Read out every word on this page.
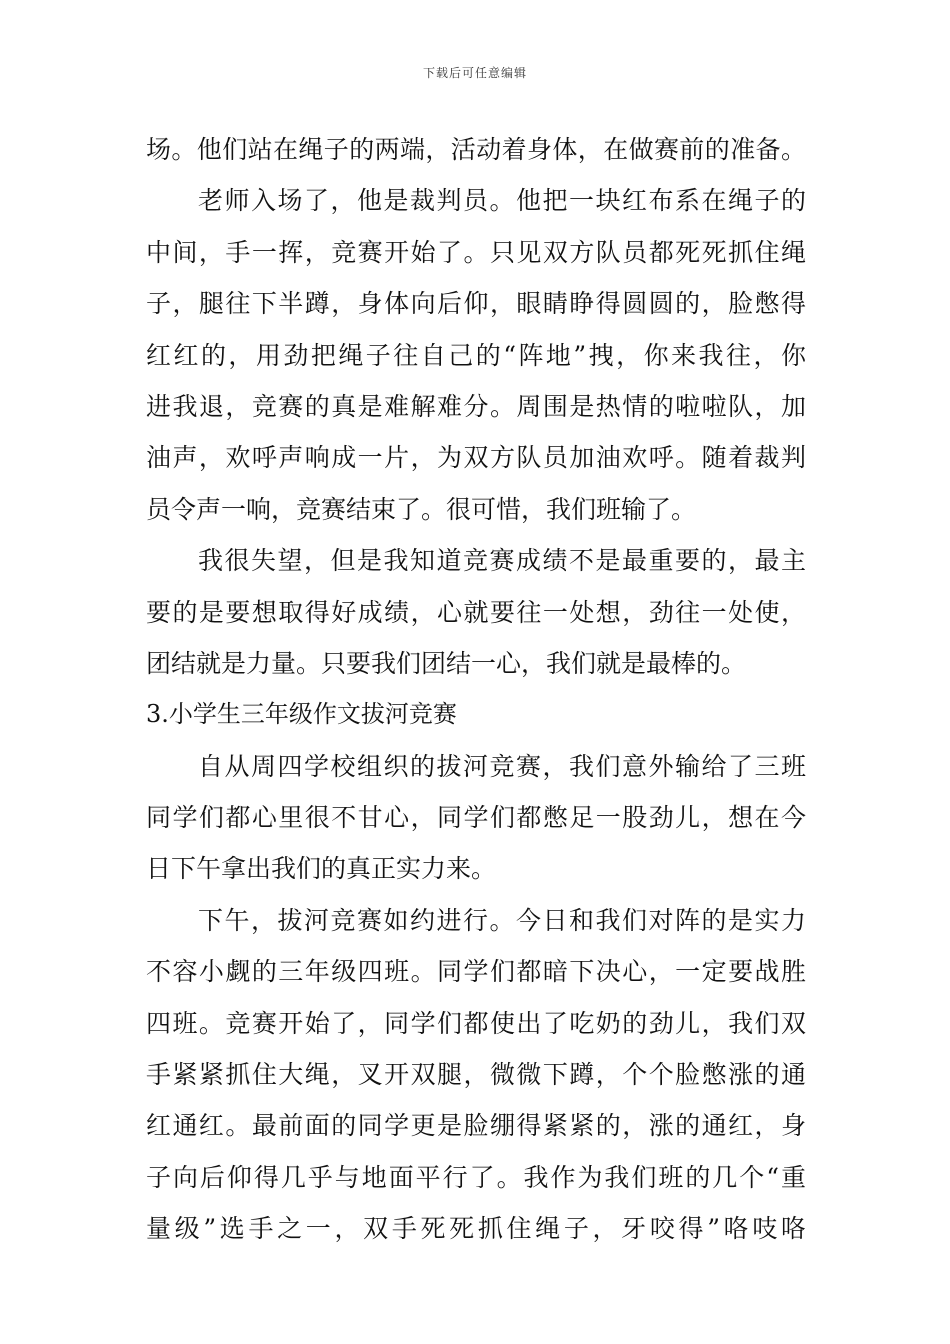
下载后可任意编辑
场。他们站在绳子的两端，活动着身体，在做赛前的准备。
老师入场了，他是裁判员。他把一块红布系在绳子的
中间，手一挥，竞赛开始了。只见双方队员都死死抓住绳
子，腿往下半蹲，身体向后仰，眼睛睁得圆圆的，脸憋得
红红的，用劲把绳子往自己的“阵地”拽，你来我往，你
进我退，竞赛的真是难解难分。周围是热情的啦啦队，加
油声，欢呼声响成一片，为双方队员加油欢呼。随着裁判
员令声一响，竞赛结束了。很可惜，我们班输了。
我很失望，但是我知道竞赛成绩不是最重要的，最主
要的是要想取得好成绩，心就要往一处想，劲往一处使，
团结就是力量。只要我们团结一心，我们就是最棒的。
3.小学生三年级作文拔河竞赛
自从周四学校组织的拔河竞赛，我们意外输给了三班
同学们都心里很不甘心，同学们都憋足一股劲儿，想在今
日下午拿出我们的真正实力来。
下午，拔河竞赛如约进行。今日和我们对阵的是实力
不容小觑的三年级四班。同学们都暗下决心，一定要战胜
四班。竞赛开始了，同学们都使出了吃奶的劲儿，我们双
手紧紧抓住大绳，叉开双腿，微微下蹲，个个脸憋涨的通
红通红。最前面的同学更是脸绷得紧紧的，涨的通红，身
子向后仰得几乎与地面平行了。我作为我们班的几个“重
量级”选手之一，双手死死抓住绳子，牙咬得”咯吱咯
